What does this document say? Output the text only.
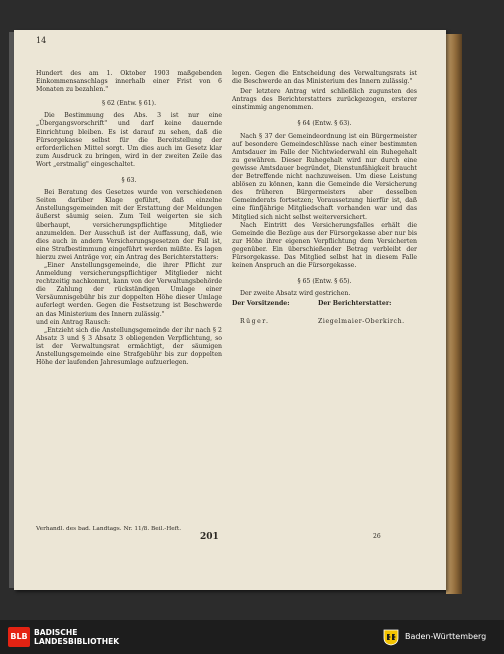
14

Hundert des am 1. Oktober 1903 maßgebenden Einkommensanschlags innerhalb einer Frist von 6 Monaten zu bezahlen."

§ 62 (Entw. § 61).

Die Bestimmung des Abs. 3 ist nur eine „Übergangsvorschrift" und darf keine dauernde Einrichtung bleiben. Es ist darauf zu sehen, daß die Fürsorgekasse selbst für die Bereitstellung der erforderlichen Mittel sorgt. Um dies auch im Gesetz klar zum Ausdruck zu bringen, wird in der zweiten Zeile das Wort „erstmalig" eingeschaltet.

§ 63.

Bei Beratung des Gesetzes wurde von verschiedenen Seiten darüber Klage geführt, daß einzelne Anstellungsgemeinden mit der Erstattung der Meldungen äußerst säumig seien. Zum Teil weigerten sie sich überhaupt, versicherungspflichtige Mitglieder anzumelden. Der Ausschuß ist der Auffassung, daß, wie dies auch in andern Versicherungsgesetzen der Fall ist, eine Strafbestimmung eingeführt werden müßte. Es lagen hierzu zwei Anträge vor, ein Antrag des Berichterstatters:

„Einer Anstellungsgemeinde, die ihrer Pflicht zur Anmeldung versicherungspflichtiger Mitglieder nicht rechtzeitig nachkommt, kann von der Verwaltungsbehörde die Zahlung der rückständigen Umlage einer Versäumnisgebühr bis zur doppelten Höhe dieser Umlage auferlegt werden. Gegen die Festsetzung ist Beschwerde an das Ministerium des Innern zulässig."

und ein Antrag Rausch:

„Entzieht sich die Anstellungsgemeinde der ihr nach § 2 Absatz 3 und § 3 Absatz 3 obliegenden Verpflichtung, so ist der Verwaltungsrat ermächtigt, der säumigen Anstellungsgemeinde eine Strafgebühr bis zur doppelten Höhe der laufenden Jahresumlage aufzuerlegen.

legen. Gegen die Entscheidung des Verwaltungsrats ist die Beschwerde an das Ministerium des Innern zulässig."

Der letztere Antrag wird schließlich zugunsten des Antrags des Berichterstatters zurückgezogen, ersterer einstimmig angenommen.

§ 64 (Entw. § 63).

Nach § 37 der Gemeindeordnung ist ein Bürgermeister auf besondere Gemeindeschlüsse nach einer bestimmten Amtsdauer im Falle der Nichtwiederwahl ein Ruhegehalt zu gewähren. Dieser Ruhegehalt wird nur durch eine gewisse Amtsdauer begründet, Dienstunfähigkeit braucht der Betreffende nicht nachzuweisen. Um diese Leistung ablösen zu können, kann die Gemeinde die Versicherung des früheren Bürgermeisters aber desselben Gemeinderats fortsetzen; Voraussetzung hierfür ist, daß eine fünfjährige Mitgliedschaft vorhanden war und das Mitglied sich nicht selbst weiterversichert.

Nach Eintritt des Versicherungsfalles erhält die Gemeinde die Bezüge aus der Fürsorgekasse aber nur bis zur Höhe ihrer eigenen Verpflichtung dem Versicherten gegenüber. Ein überschießender Betrag verbleibt der Fürsorgekasse. Das Mitglied selbst hat in diesem Falle keinen Anspruch an die Fürsorgekasse.

§ 65 (Entw. § 65).

Der zweite Absatz wird gestrichen.

Der Vorsitzende:	Der Berichterstatter:
Rüger.	Ziegelmaier-Oberkirch.
Verhandl. des bad. Landtags. Nr. 11/8. Beil.-Heft.
201	26
BLB BADISCHE
LANDESBIBLIOTHEK
Baden-Württemberg
